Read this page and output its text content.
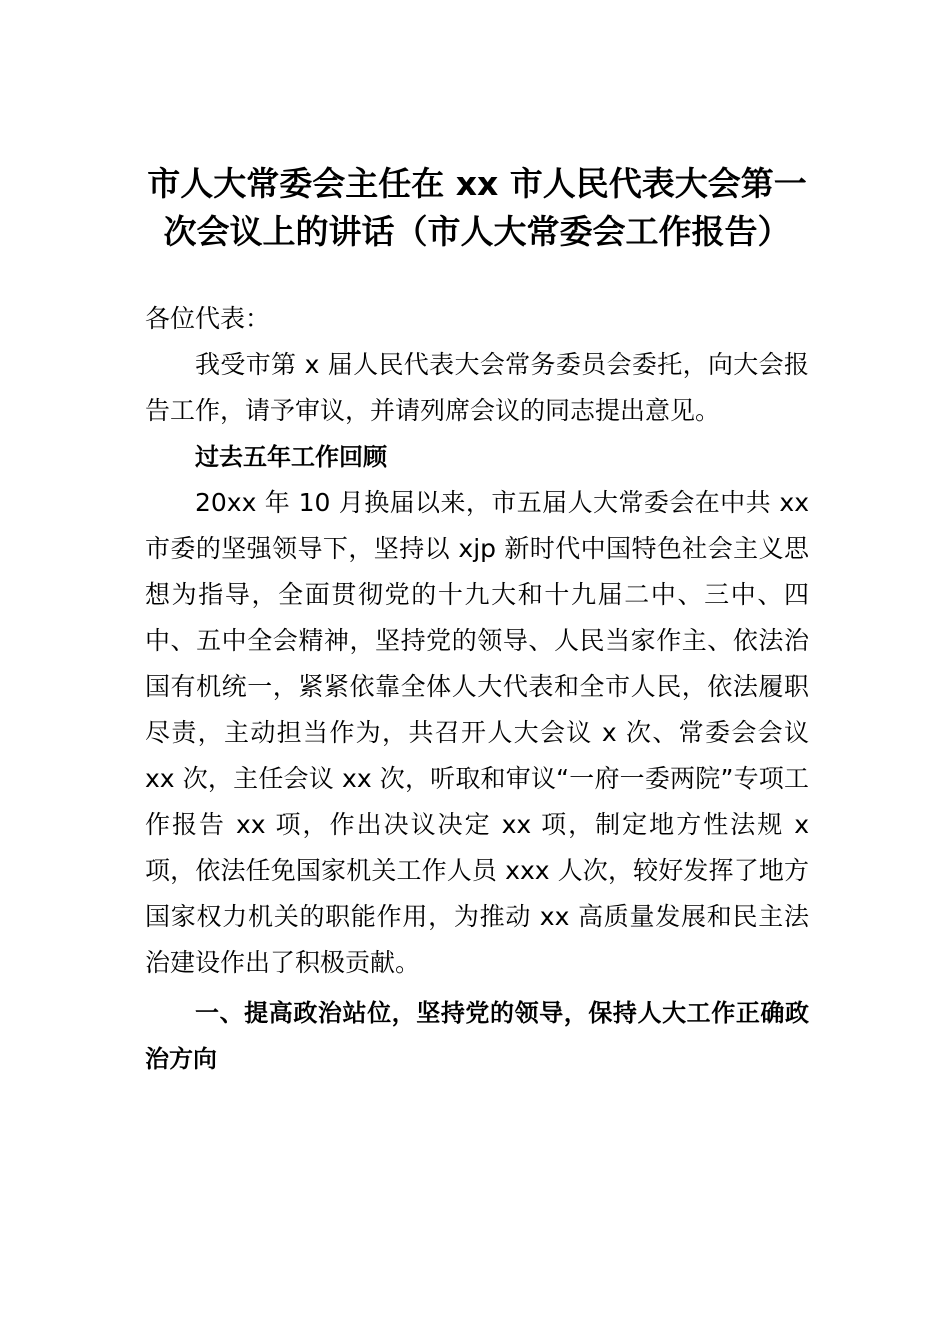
市人大常委会主任在 xx 市人民代表大会第一次会议上的讲话（市人大常委会工作报告）

各位代表：

我受市第 x 届人民代表大会常务委员会委托，向大会报告工作，请予审议，并请列席会议的同志提出意见。

过去五年工作回顾

20xx 年 10 月换届以来，市五届人大常委会在中共 xx 市委的坚强领导下，坚持以 xjp 新时代中国特色社会主义思想为指导，全面贯彻党的十九大和十九届二中、三中、四中、五中全会精神，坚持党的领导、人民当家作主、依法治国有机统一，紧紧依靠全体人大代表和全市人民，依法履职尽责，主动担当作为，共召开人大会议 x 次、常委会会议 xx 次，主任会议 xx 次，听取和审议“一府一委两院”专项工作报告 xx 项，作出决议决定 xx 项，制定地方性法规 x 项，依法任免国家机关工作人员 xxx 人次，较好发挥了地方国家权力机关的职能作用，为推动 xx 高质量发展和民主法治建设作出了积极贡献。

一、提高政治站位，坚持党的领导，保持人大工作正确政治方向
